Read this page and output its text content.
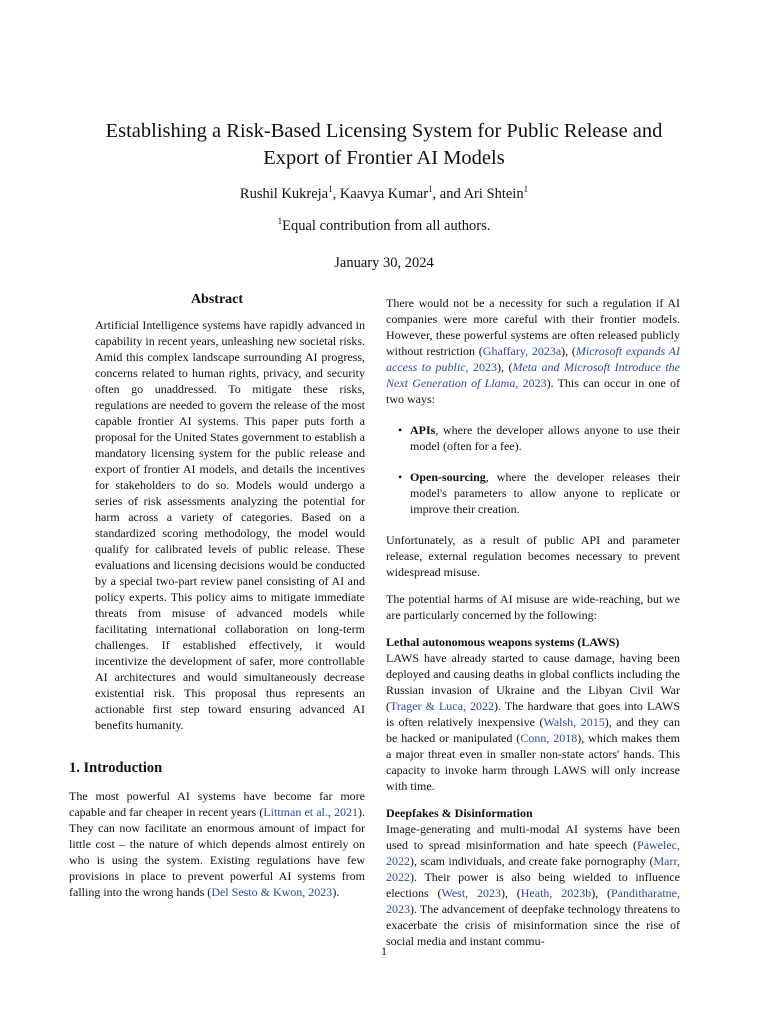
Establishing a Risk-Based Licensing System for Public Release and
Export of Frontier AI Models
Rushil Kukreja$^1$, Kaavya Kumar$^1$, and Ari Shtein$^1$
$^1$Equal contribution from all authors.
January 30, 2024
Abstract

Artificial Intelligence systems have rapidly advanced in capability in recent years, unleashing new societal risks. Amid this complex landscape surrounding AI progress, concerns related to human rights, privacy, and security often go unaddressed. To mitigate these risks, regulations are needed to govern the release of the most capable frontier AI systems. This paper puts forth a proposal for the United States government to establish a mandatory licensing system for the public release and export of frontier AI models, and details the incentives for stakeholders to do so. Models would undergo a series of risk assessments analyzing the potential for harm across a variety of categories. Based on a standardized scoring methodology, the model would qualify for calibrated levels of public release. These evaluations and licensing decisions would be conducted by a special two-part review panel consisting of AI and policy experts. This policy aims to mitigate immediate threats from misuse of advanced models while facilitating international collaboration on long-term challenges. If established effectively, it would incentivize the development of safer, more controllable AI architectures and would simultaneously decrease existential risk. This proposal thus represents an actionable first step toward ensuring advanced AI benefits humanity.

1. Introduction

The most powerful AI systems have become far more capable and far cheaper in recent years (Littman et al., 2021). They can now facilitate an enormous amount of impact for little cost – the nature of which depends almost entirely on who is using the system. Existing regulations have few provisions in place to prevent powerful AI systems from falling into the wrong hands (Del Sesto & Kwon, 2023).

There would not be a necessity for such a regulation if AI companies were more careful with their frontier models. However, these powerful systems are often released publicly without restriction (Ghaffary, 2023a), (Microsoft expands AI access to public, 2023), (Meta and Microsoft Introduce the Next Generation of Llama, 2023). This can occur in one of two ways:

• APIs, where the developer allows anyone to use their model (often for a fee).
• Open-sourcing, where the developer releases their model's parameters to allow anyone to replicate or improve their creation.

Unfortunately, as a result of public API and parameter release, external regulation becomes necessary to prevent widespread misuse.

The potential harms of AI misuse are wide-reaching, but we are particularly concerned by the following:

Lethal autonomous weapons systems (LAWS)

LAWS have already started to cause damage, having been deployed and causing deaths in global conflicts including the Russian invasion of Ukraine and the Libyan Civil War (Trager & Luca, 2022). The hardware that goes into LAWS is often relatively inexpensive (Walsh, 2015), and they can be hacked or manipulated (Conn, 2018), which makes them a major threat even in smaller non-state actors' hands. This capacity to invoke harm through LAWS will only increase with time.

Deepfakes & Disinformation

Image-generating and multi-modal AI systems have been used to spread misinformation and hate speech (Pawelec, 2022), scam individuals, and create fake pornography (Marr, 2022). Their power is also being wielded to influence elections (West, 2023), (Heath, 2023b), (Panditharatne, 2023). The advancement of deepfake technology threatens to exacerbate the crisis of misinformation since the rise of social media and instant commu-

1
